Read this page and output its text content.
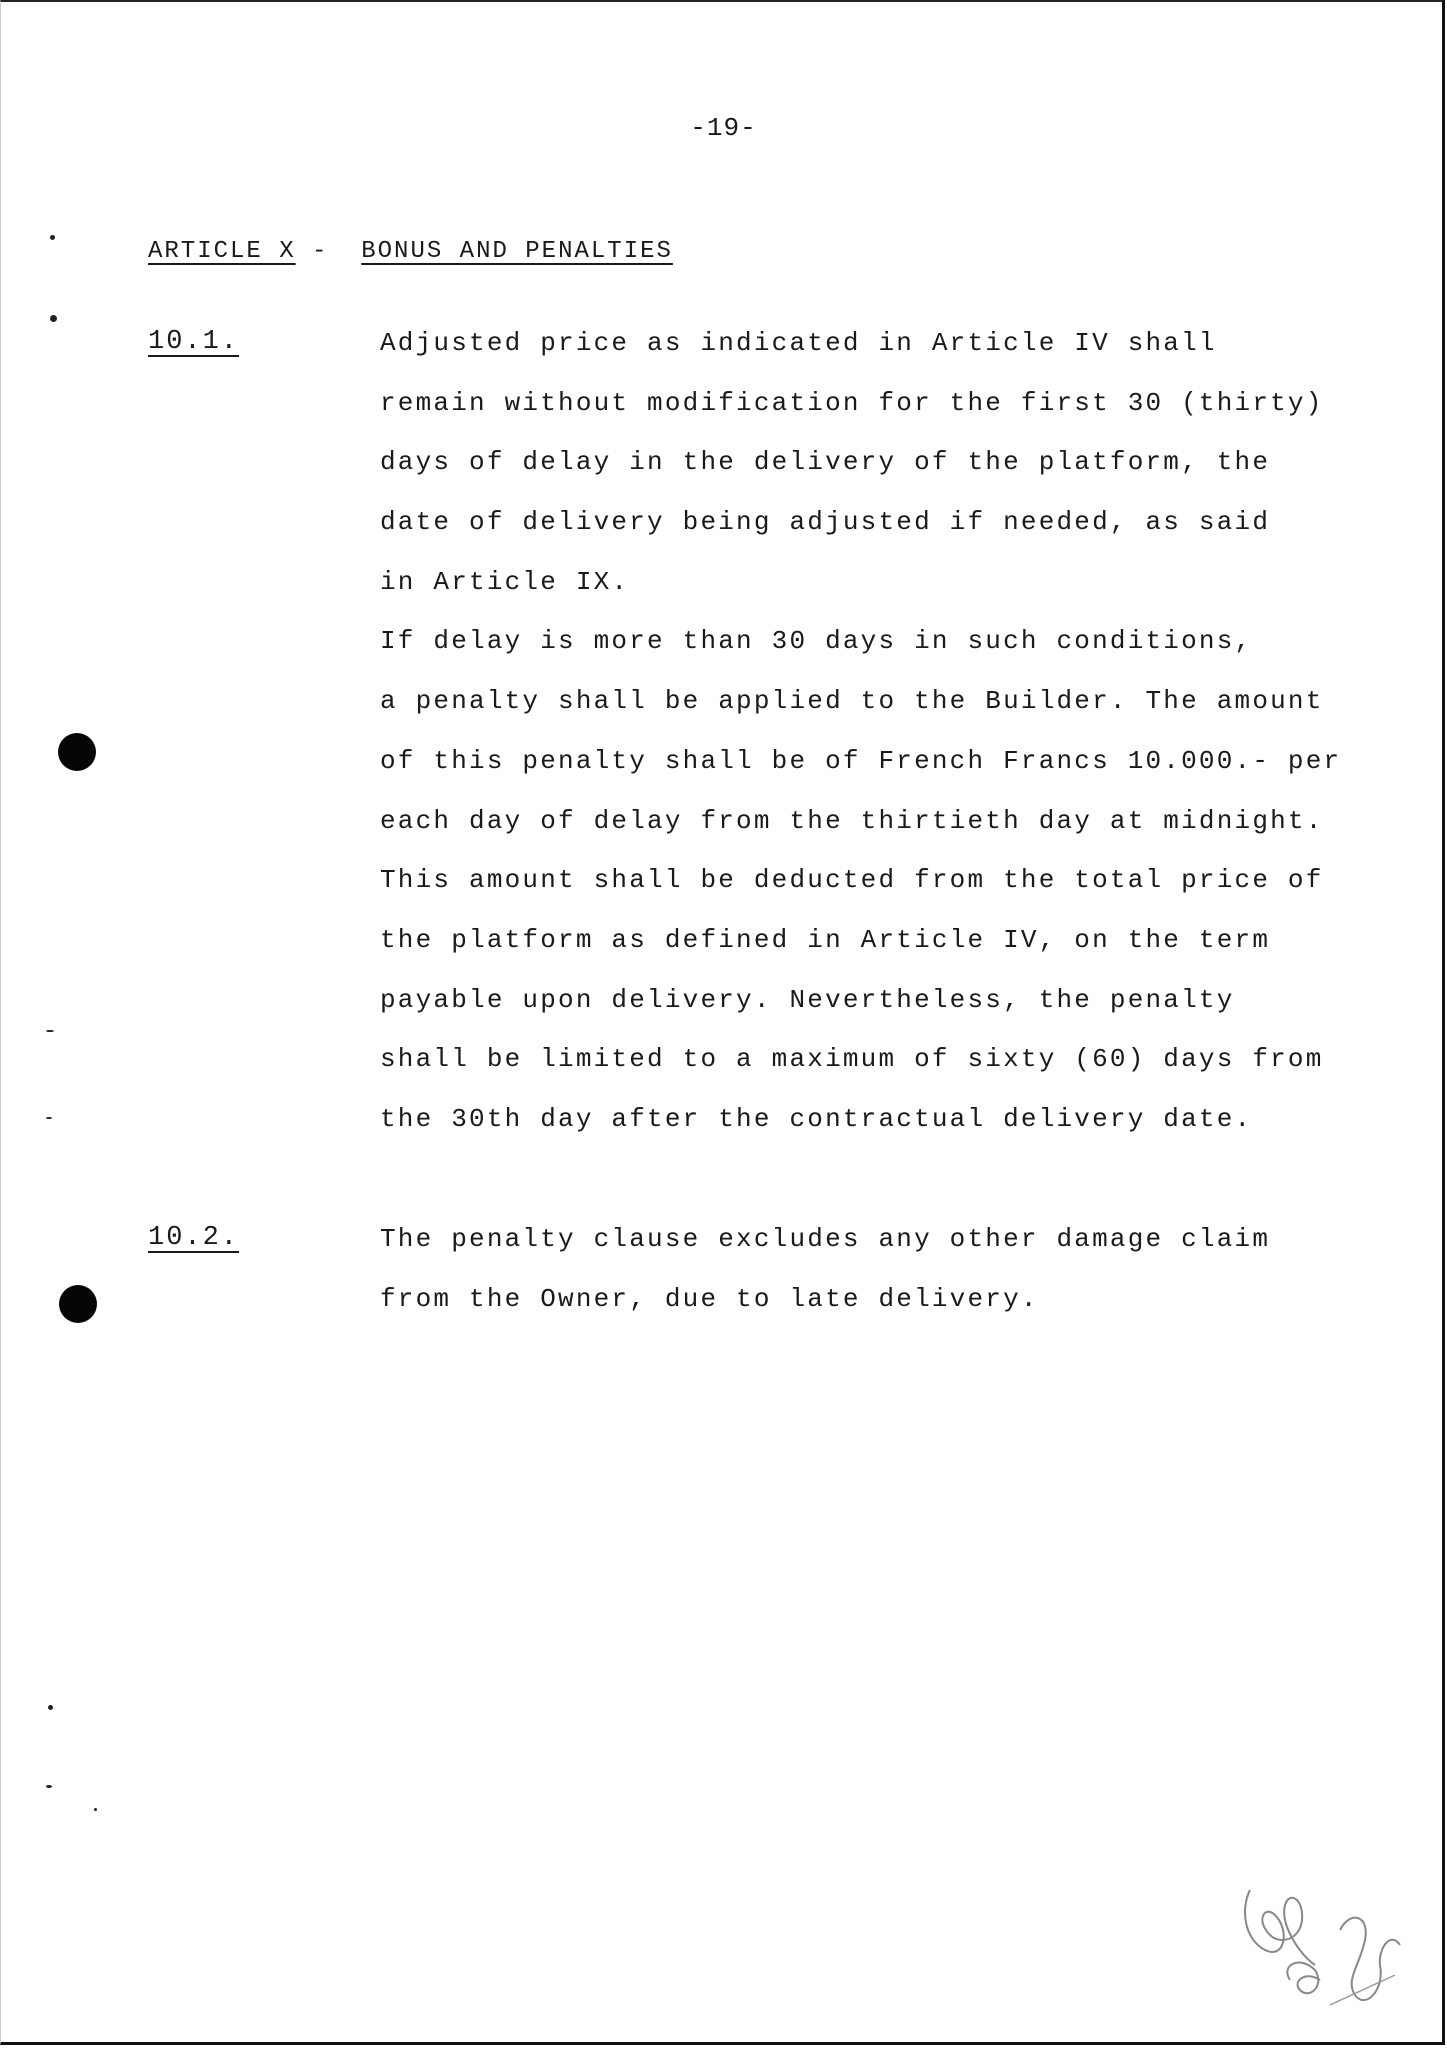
-19-
ARTICLE X - BONUS AND PENALTIES
10.1.	Adjusted price as indicated in Article IV shall
remain without modification for the first 30 (thirty)
days of delay in the delivery of the platform, the
date of delivery being adjusted if needed, as said
in Article IX.
If delay is more than 30 days in such conditions,
a penalty shall be applied to the Builder. The amount
of this penalty shall be of French Francs 10.000.- per
each day of delay from the thirtieth day at midnight.
This amount shall be deducted from the total price of
the platform as defined in Article IV, on the term
payable upon delivery. Nevertheless, the penalty
shall be limited to a maximum of sixty (60) days from
the 30th day after the contractual delivery date.
10.2.	The penalty clause excludes any other damage claim
from the Owner, due to late delivery.
